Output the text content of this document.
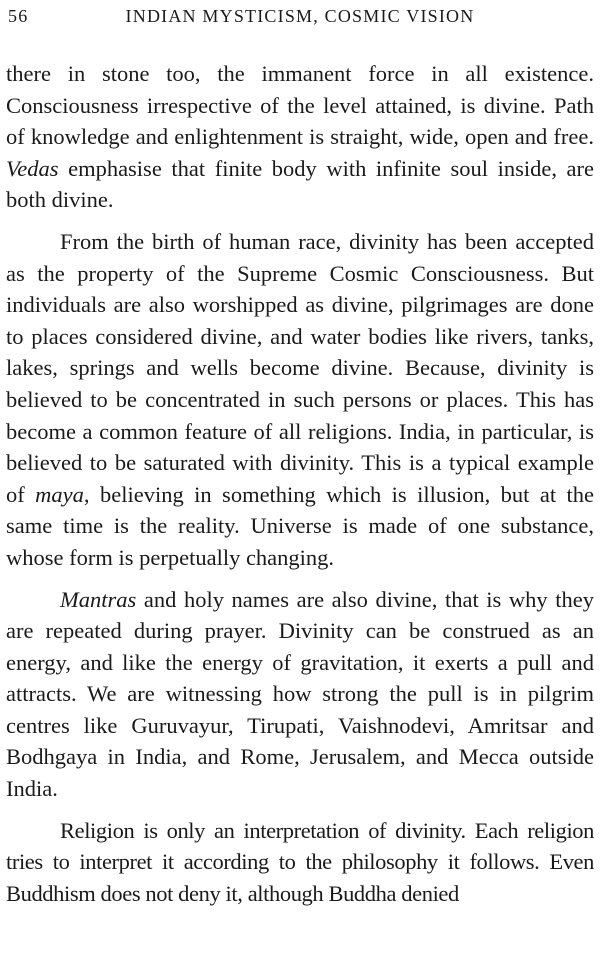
56	INDIAN MYSTICISM, COSMIC VISION

there in stone too, the immanent force in all existence. Consciousness irrespective of the level attained, is divine. Path of knowledge and enlightenment is straight, wide, open and free. Vedas emphasise that finite body with infinite soul inside, are both divine.

From the birth of human race, divinity has been accepted as the property of the Supreme Cosmic Consciousness. But individuals are also worshipped as divine, pilgrimages are done to places considered divine, and water bodies like rivers, tanks, lakes, springs and wells become divine. Because, divinity is believed to be concentrated in such persons or places. This has become a common feature of all religions. India, in particular, is believed to be saturated with divinity. This is a typical example of maya, believing in something which is illusion, but at the same time is the reality. Universe is made of one substance, whose form is perpetually changing.

Mantras and holy names are also divine, that is why they are repeated during prayer. Divinity can be construed as an energy, and like the energy of gravitation, it exerts a pull and attracts. We are witnessing how strong the pull is in pilgrim centres like Guruvayur, Tirupati, Vaishnodevi, Amritsar and Bodhgaya in India, and Rome, Jerusalem, and Mecca outside India.

Religion is only an interpretation of divinity. Each religion tries to interpret it according to the philosophy it follows. Even Buddhism does not deny it, although Buddha denied
